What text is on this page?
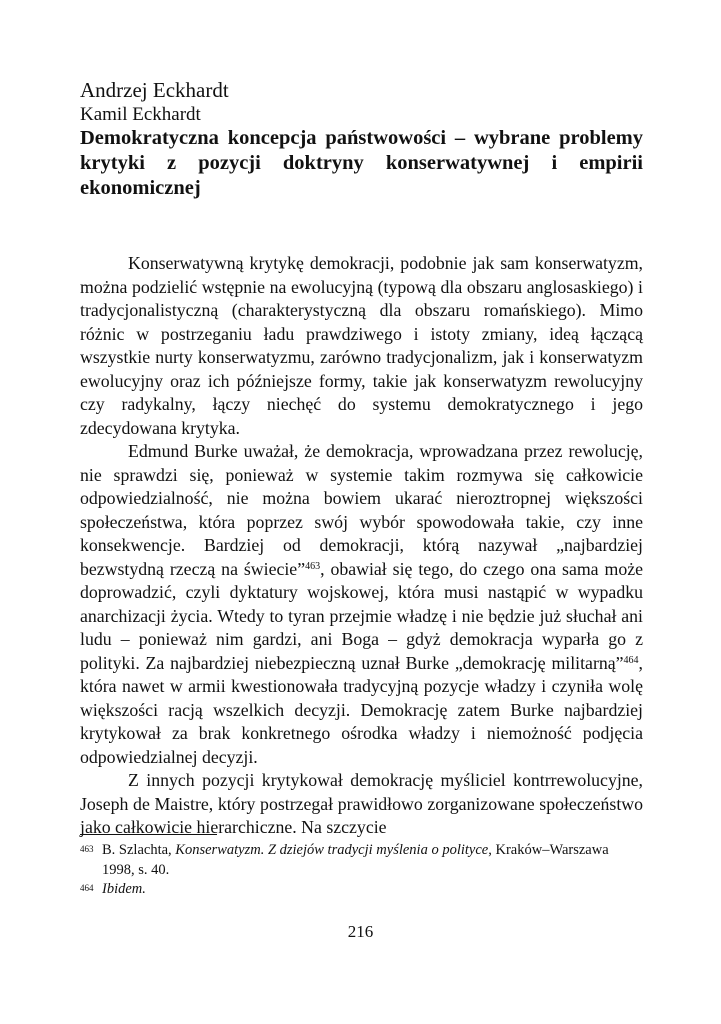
Andrzej Eckhardt

Kamil Eckhardt

Demokratyczna koncepcja państwowości – wybrane problemy krytyki z pozycji doktryny konserwatywnej i empirii ekonomicznej

Konserwatywną krytykę demokracji, podobnie jak sam konserwatyzm, można podzielić wstępnie na ewolucyjną (typową dla obszaru anglosaskiego) i tradycjonalistyczną (charakterystyczną dla obszaru romańskiego). Mimo różnic w postrzeganiu ładu prawdziwego i istoty zmiany, ideą łączącą wszystkie nurty konserwatyzmu, zarówno tradycjonalizm, jak i konserwatyzm ewolucyjny oraz ich późniejsze formy, takie jak konserwatyzm rewolucyjny czy radykalny, łączy niechęć do systemu demokratycznego i jego zdecydowana krytyka.

Edmund Burke uważał, że demokracja, wprowadzana przez rewolucję, nie sprawdzi się, ponieważ w systemie takim rozmywa się całkowicie odpowiedzialność, nie można bowiem ukarać nieroztropnej większości społeczeństwa, która poprzez swój wybór spowodowała takie, czy inne konsekwencje. Bardziej od demokracji, którą nazywał „najbardziej bezwstydną rzeczą na świecie”$^{463}$, obawiał się tego, do czego ona sama może doprowadzić, czyli dyktatury wojskowej, która musi nastąpić w wypadku anarchizacji życia. Wtedy to tyran przejmie władzę i nie będzie już słuchał ani ludu – ponieważ nim gardzi, ani Boga – gdyż demokracja wyparła go z polityki. Za najbardziej niebezpieczną uznał Burke „demokrację militarną”$^{464}$, która nawet w armii kwestionowała tradycyjną pozycje władzy i czyniła wolę większości racją wszelkich decyzji. Demokrację zatem Burke najbardziej krytykował za brak konkretnego ośrodka władzy i niemożność podjęcia odpowiedzialnej decyzji.

Z innych pozycji krytykował demokrację myśliciel kontrrewolucyjne, Joseph de Maistre, który postrzegał prawidłowo zorganizowane społeczeństwo jako całkowicie hierarchiczne. Na szczycie

463 B. Szlachta, Konserwatyzm. Z dziejów tradycji myślenia o polityce, Kraków–Warszawa 1998, s. 40.

464 Ibidem.

216
